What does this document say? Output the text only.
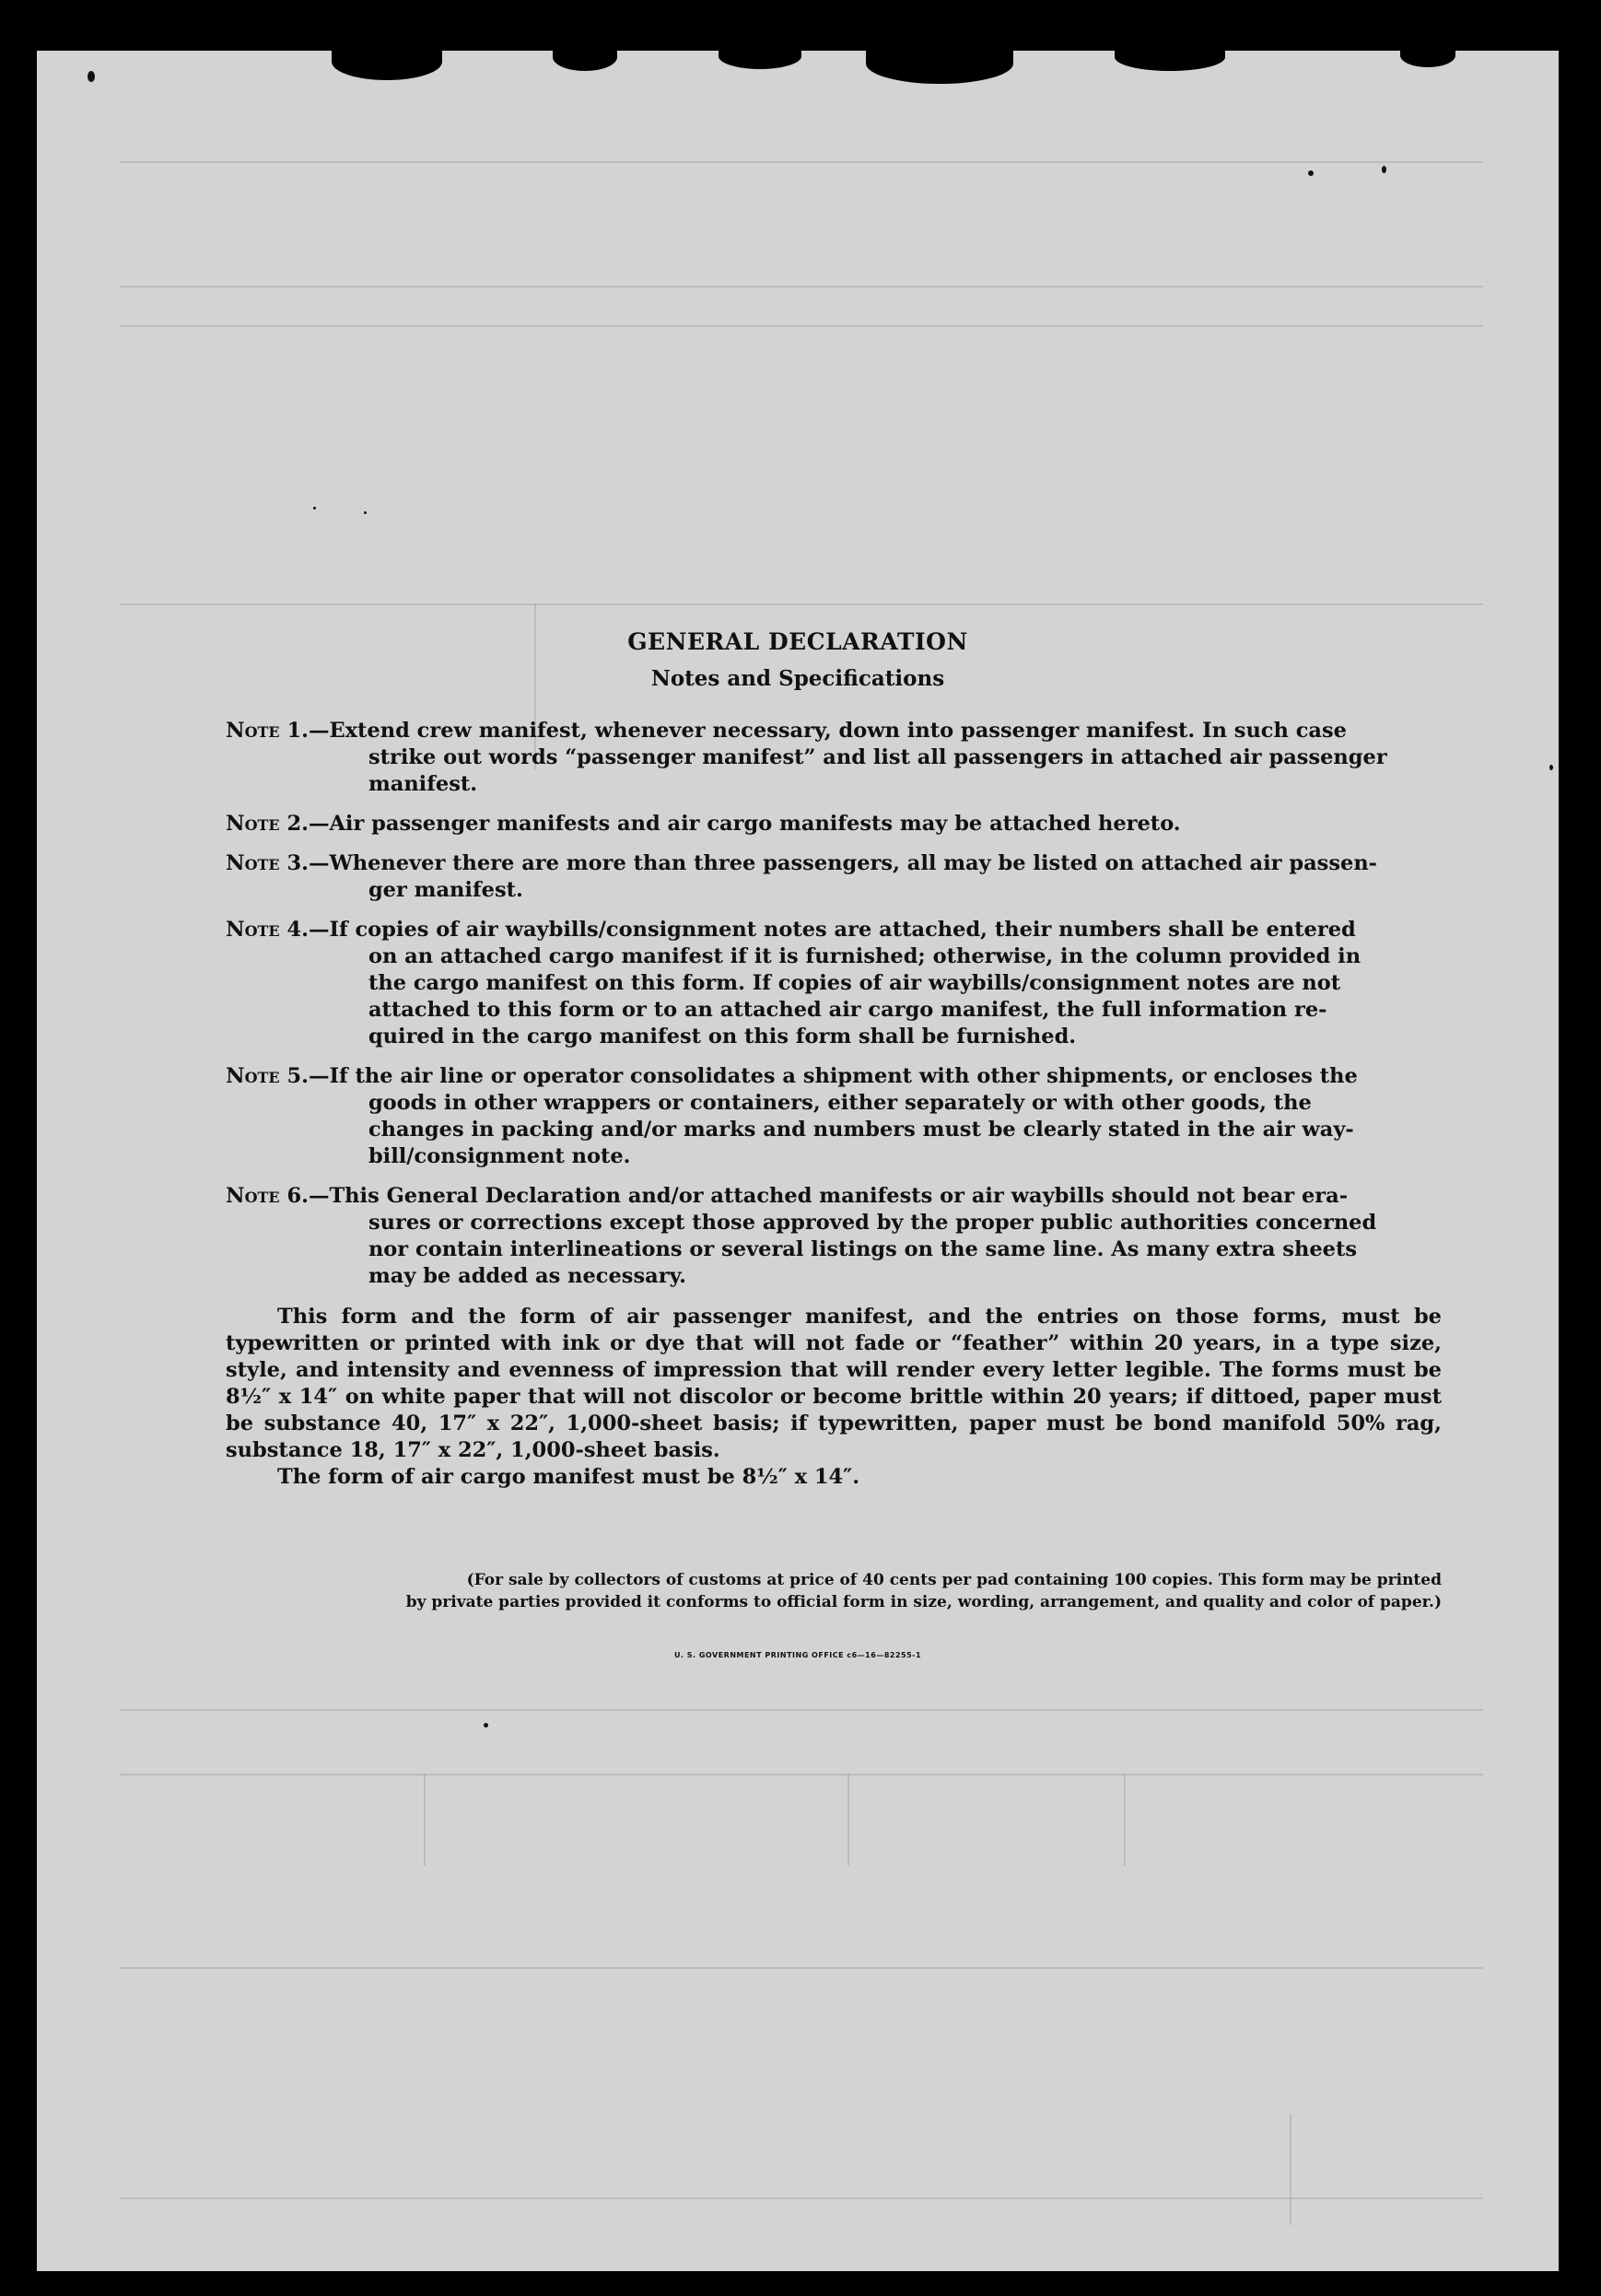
GENERAL DECLARATION
Notes and Specifications
Note 1. —Extend crew manifest, whenever necessary, down into passenger manifest. In such case
strike out words “passenger manifest” and list all passengers in attached air passenger
manifest.
Note 2. —Air passenger manifests and air cargo manifests may be attached hereto.
Note 3. —Whenever there are more than three passengers, all may be listed on attached air passen-
ger manifest.
Note 4. —If copies of air waybills/consignment notes are attached, their numbers shall be entered
on an attached cargo manifest if it is furnished; otherwise, in the column provided in
the cargo manifest on this form. If copies of air waybills/consignment notes are not
attached to this form or to an attached air cargo manifest, the full information re-
quired in the cargo manifest on this form shall be furnished.
Note 5. —If the air line or operator consolidates a shipment with other shipments, or encloses the
goods in other wrappers or containers, either separately or with other goods, the
changes in packing and/or marks and numbers must be clearly stated in the air way-
bill/consignment note.
Note 6. —This General Declaration and/or attached manifests or air waybills should not bear era-
sures or corrections except those approved by the proper public authorities concerned
nor contain interlineations or several listings on the same line. As many extra sheets
may be added as necessary.
This form and the form of air passenger manifest, and the entries on those forms, must be typewritten or printed with ink or dye that will not fade or “feather” within 20 years, in a type size, style, and intensity and evenness of impression that will render every letter legible. The forms must be 8½″ x 14″ on white paper that will not discolor or become brittle within 20 years; if dittoed, paper must be substance 40, 17″ x 22″, 1,000-sheet basis; if typewritten, paper must be bond manifold 50% rag, substance 18, 17″ x 22″, 1,000-sheet basis.
The form of air cargo manifest must be 8½″ x 14″.
(For sale by collectors of customs at price of 40 cents per pad containing 100 copies. This form may be printed
by private parties provided it conforms to official form in size, wording, arrangement, and quality and color of paper.)
U. S. GOVERNMENT PRINTING OFFICE c6—16—82255-1
